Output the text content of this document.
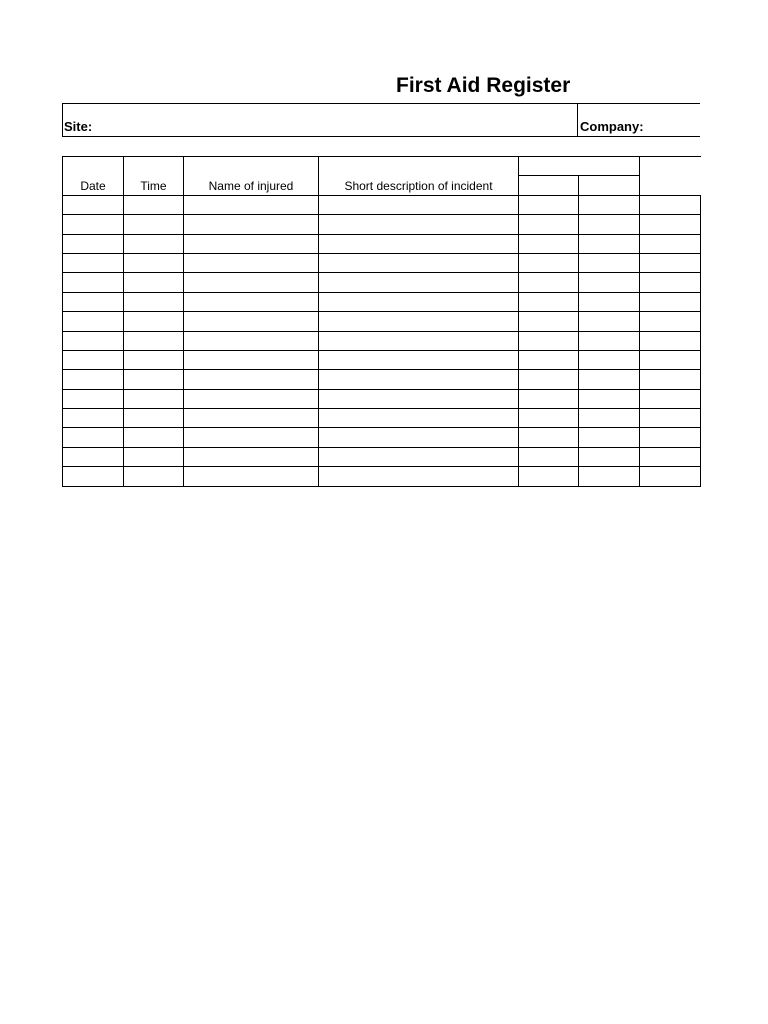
First Aid Register
Site:	Company:
Date	Time	Name of injured	Short description of incident			
